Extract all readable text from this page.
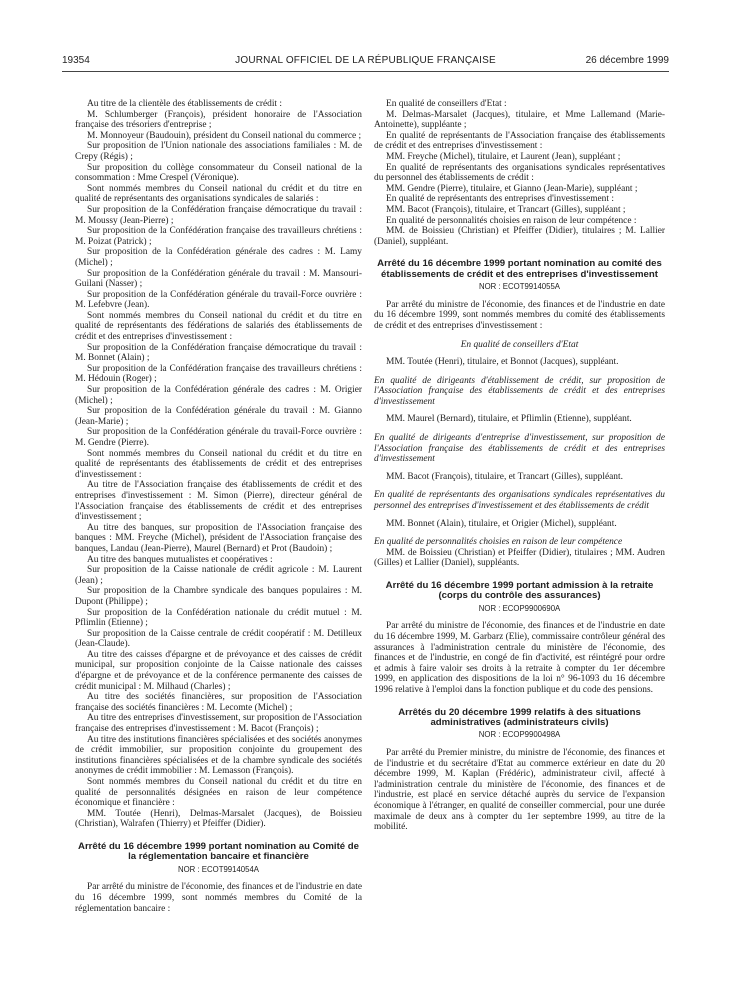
19354	JOURNAL OFFICIEL DE LA RÉPUBLIQUE FRANÇAISE	26 décembre 1999

Au titre de la clientèle des établissements de crédit :

M. Schlumberger (François), président honoraire de l'Association française des trésoriers d'entreprise ;

M. Monnoyeur (Baudouin), président du Conseil national du commerce ;

Sur proposition de l'Union nationale des associations familiales : M. de Crepy (Régis) ;

Sur proposition du collège consommateur du Conseil national de la consommation : Mme Crespel (Véronique).

Sont nommés membres du Conseil national du crédit et du titre en qualité de représentants des organisations syndicales de salariés :

Sur proposition de la Confédération française démocratique du travail : M. Moussy (Jean-Pierre) ;

Sur proposition de la Confédération française des travailleurs chrétiens : M. Poizat (Patrick) ;

Sur proposition de la Confédération générale des cadres : M. Lamy (Michel) ;

Sur proposition de la Confédération générale du travail : M. Mansouri-Guilani (Nasser) ;

Sur proposition de la Confédération générale du travail-Force ouvrière : M. Lefebvre (Jean).

Sont nommés membres du Conseil national du crédit et du titre en qualité de représentants des fédérations de salariés des établissements de crédit et des entreprises d'investissement :

Sur proposition de la Confédération française démocratique du travail : M. Bonnet (Alain) ;

Sur proposition de la Confédération française des travailleurs chrétiens : M. Hédouin (Roger) ;

Sur proposition de la Confédération générale des cadres : M. Origier (Michel) ;

Sur proposition de la Confédération générale du travail : M. Gianno (Jean-Marie) ;

Sur proposition de la Confédération générale du travail-Force ouvrière : M. Gendre (Pierre).

Sont nommés membres du Conseil national du crédit et du titre en qualité de représentants des établissements de crédit et des entreprises d'investissement :

Au titre de l'Association française des établissements de crédit et des entreprises d'investissement : M. Simon (Pierre), directeur général de l'Association française des établissements de crédit et des entreprises d'investissement ;

Au titre des banques, sur proposition de l'Association française des banques : MM. Freyche (Michel), président de l'Association française des banques, Landau (Jean-Pierre), Maurel (Bernard) et Prot (Baudoin) ;

Au titre des banques mutualistes et coopératives :

Sur proposition de la Caisse nationale de crédit agricole : M. Laurent (Jean) ;

Sur proposition de la Chambre syndicale des banques populaires : M. Dupont (Philippe) ;

Sur proposition de la Confédération nationale du crédit mutuel : M. Pflimlin (Etienne) ;

Sur proposition de la Caisse centrale de crédit coopératif : M. Detilleux (Jean-Claude).

Au titre des caisses d'épargne et de prévoyance et des caisses de crédit municipal, sur proposition conjointe de la Caisse nationale des caisses d'épargne et de prévoyance et de la conférence permanente des caisses de crédit municipal : M. Milhaud (Charles) ;

Au titre des sociétés financières, sur proposition de l'Association française des sociétés financières : M. Lecomte (Michel) ;

Au titre des entreprises d'investissement, sur proposition de l'Association française des entreprises d'investissement : M. Bacot (François) ;

Au titre des institutions financières spécialisées et des sociétés anonymes de crédit immobilier, sur proposition conjointe du groupement des institutions financières spécialisées et de la chambre syndicale des sociétés anonymes de crédit immobilier : M. Lemasson (François).

Sont nommés membres du Conseil national du crédit et du titre en qualité de personnalités désignées en raison de leur compétence économique et financière :

MM. Toutée (Henri), Delmas-Marsalet (Jacques), de Boissieu (Christian), Walrafen (Thierry) et Pfeiffer (Didier).

Arrêté du 16 décembre 1999 portant nomination au Comité de la réglementation bancaire et financière
NOR : ECOT9914054A

Par arrêté du ministre de l'économie, des finances et de l'industrie en date du 16 décembre 1999, sont nommés membres du Comité de la réglementation bancaire :

En qualité de conseillers d'Etat :

M. Delmas-Marsalet (Jacques), titulaire, et Mme Lallemand (Marie-Antoinette), suppléante ;

En qualité de représentants de l'Association française des établissements de crédit et des entreprises d'investissement :

MM. Freyche (Michel), titulaire, et Laurent (Jean), suppléant ;

En qualité de représentants des organisations syndicales représentatives du personnel des établissements de crédit :

MM. Gendre (Pierre), titulaire, et Gianno (Jean-Marie), suppléant ;

En qualité de représentants des entreprises d'investissement :

MM. Bacot (François), titulaire, et Trancart (Gilles), suppléant ;

En qualité de personnalités choisies en raison de leur compétence :

MM. de Boissieu (Christian) et Pfeiffer (Didier), titulaires ; M. Lallier (Daniel), suppléant.

Arrêté du 16 décembre 1999 portant nomination au comité des établissements de crédit et des entreprises d'investissement
NOR : ECOT9914055A

Par arrêté du ministre de l'économie, des finances et de l'industrie en date du 16 décembre 1999, sont nommés membres du comité des établissements de crédit et des entreprises d'investissement :

En qualité de conseillers d'Etat

MM. Toutée (Henri), titulaire, et Bonnot (Jacques), suppléant.

En qualité de dirigeants d'établissement de crédit, sur proposition de l'Association française des établissements de crédit et des entreprises d'investissement

MM. Maurel (Bernard), titulaire, et Pflimlin (Etienne), suppléant.

En qualité de dirigeants d'entreprise d'investissement, sur proposition de l'Association française des établissements de crédit et des entreprises d'investissement

MM. Bacot (François), titulaire, et Trancart (Gilles), suppléant.

En qualité de représentants des organisations syndicales représentatives du personnel des entreprises d'investissement et des établissements de crédit

MM. Bonnet (Alain), titulaire, et Origier (Michel), suppléant.

En qualité de personnalités choisies en raison de leur compétence

MM. de Boissieu (Christian) et Pfeiffer (Didier), titulaires ; MM. Audren (Gilles) et Lallier (Daniel), suppléants.

Arrêté du 16 décembre 1999 portant admission à la retraite (corps du contrôle des assurances)
NOR : ECOP9900690A

Par arrêté du ministre de l'économie, des finances et de l'industrie en date du 16 décembre 1999, M. Garbarz (Elie), commissaire contrôleur général des assurances à l'administration centrale du ministère de l'économie, des finances et de l'industrie, en congé de fin d'activité, est réintégré pour ordre et admis à faire valoir ses droits à la retraite à compter du 1er décembre 1999, en application des dispositions de la loi n° 96-1093 du 16 décembre 1996 relative à l'emploi dans la fonction publique et du code des pensions.

Arrêtés du 20 décembre 1999 relatifs à des situations administratives (administrateurs civils)
NOR : ECOP9900498A

Par arrêté du Premier ministre, du ministre de l'économie, des finances et de l'industrie et du secrétaire d'Etat au commerce extérieur en date du 20 décembre 1999, M. Kaplan (Frédéric), administrateur civil, affecté à l'administration centrale du ministère de l'économie, des finances et de l'industrie, est placé en service détaché auprès du service de l'expansion économique à l'étranger, en qualité de conseiller commercial, pour une durée maximale de deux ans à compter du 1er septembre 1999, au titre de la mobilité.
